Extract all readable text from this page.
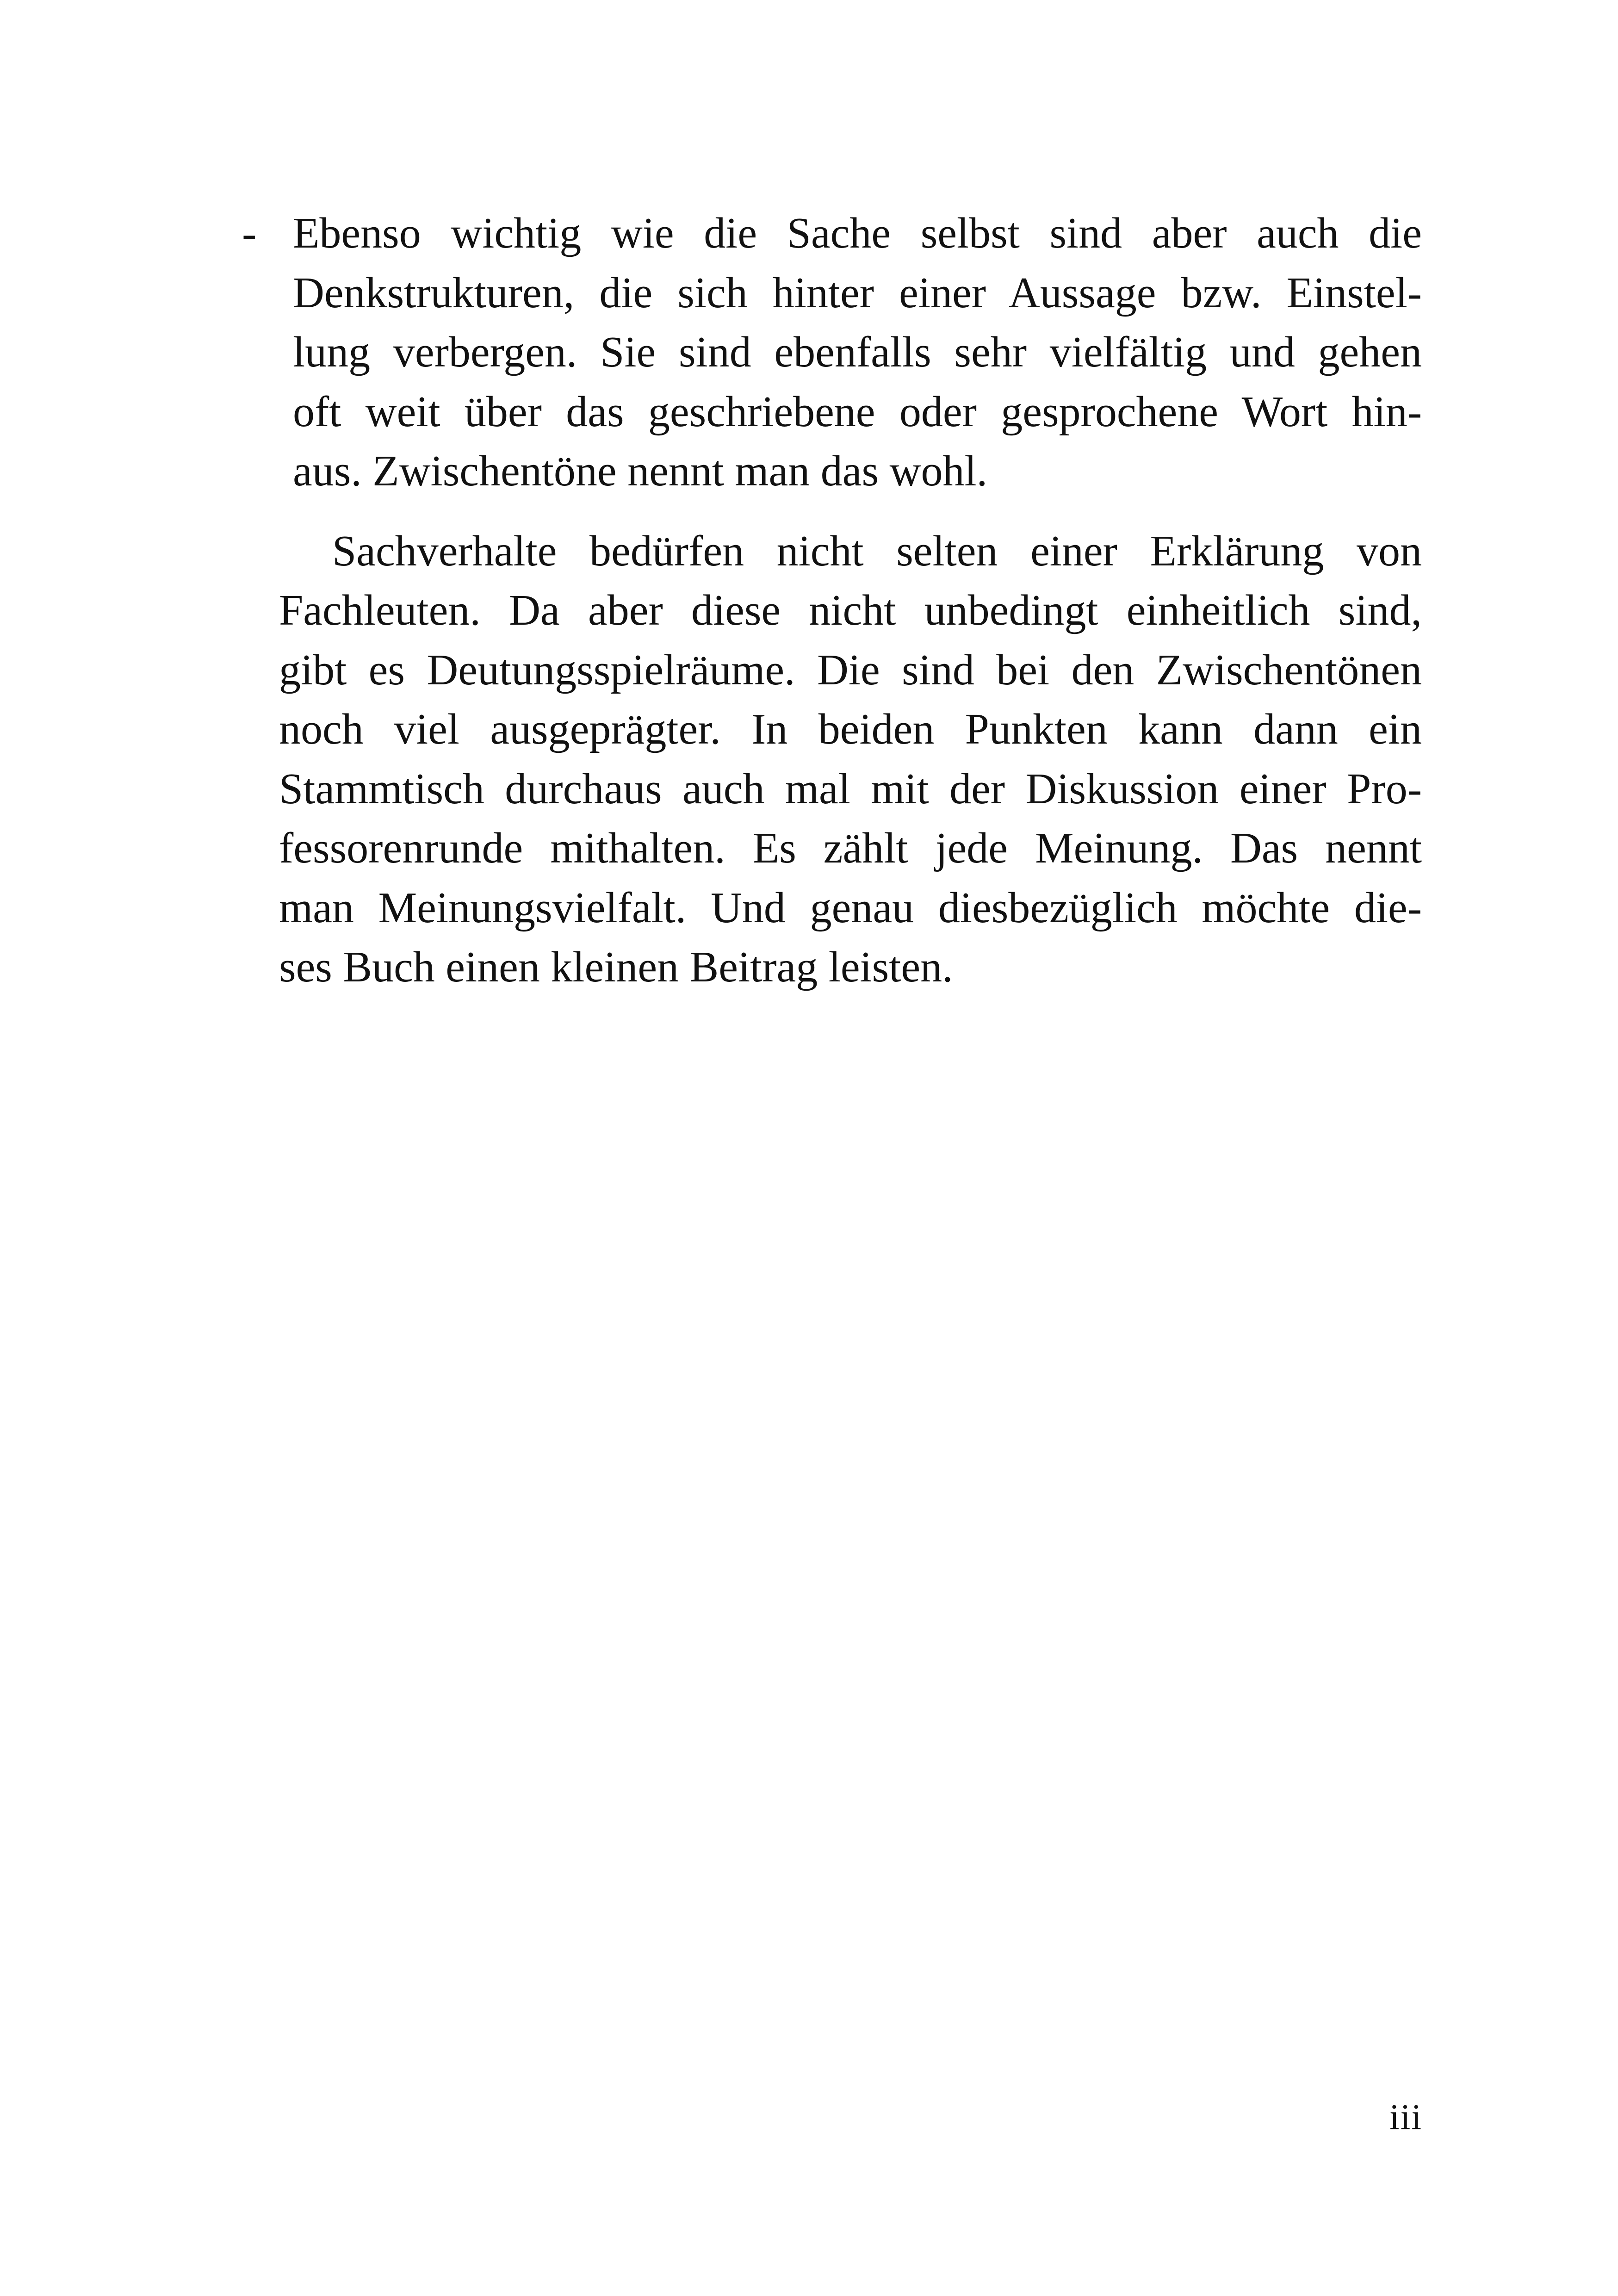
- Ebenso wichtig wie die Sache selbst sind aber auch die
Denkstrukturen, die sich hinter einer Aussage bzw. Einstel-
lung verbergen. Sie sind ebenfalls sehr vielfältig und gehen
oft weit über das geschriebene oder gesprochene Wort hin-
aus. Zwischentöne nennt man das wohl.
Sachverhalte bedürfen nicht selten einer Erklärung von
Fachleuten. Da aber diese nicht unbedingt einheitlich sind,
gibt es Deutungsspielräume. Die sind bei den Zwischentönen
noch viel ausgeprägter. In beiden Punkten kann dann ein
Stammtisch durchaus auch mal mit der Diskussion einer Pro-
fessorenrunde mithalten. Es zählt jede Meinung. Das nennt
man Meinungsvielfalt. Und genau diesbezüglich möchte die-
ses Buch einen kleinen Beitrag leisten.
iii
